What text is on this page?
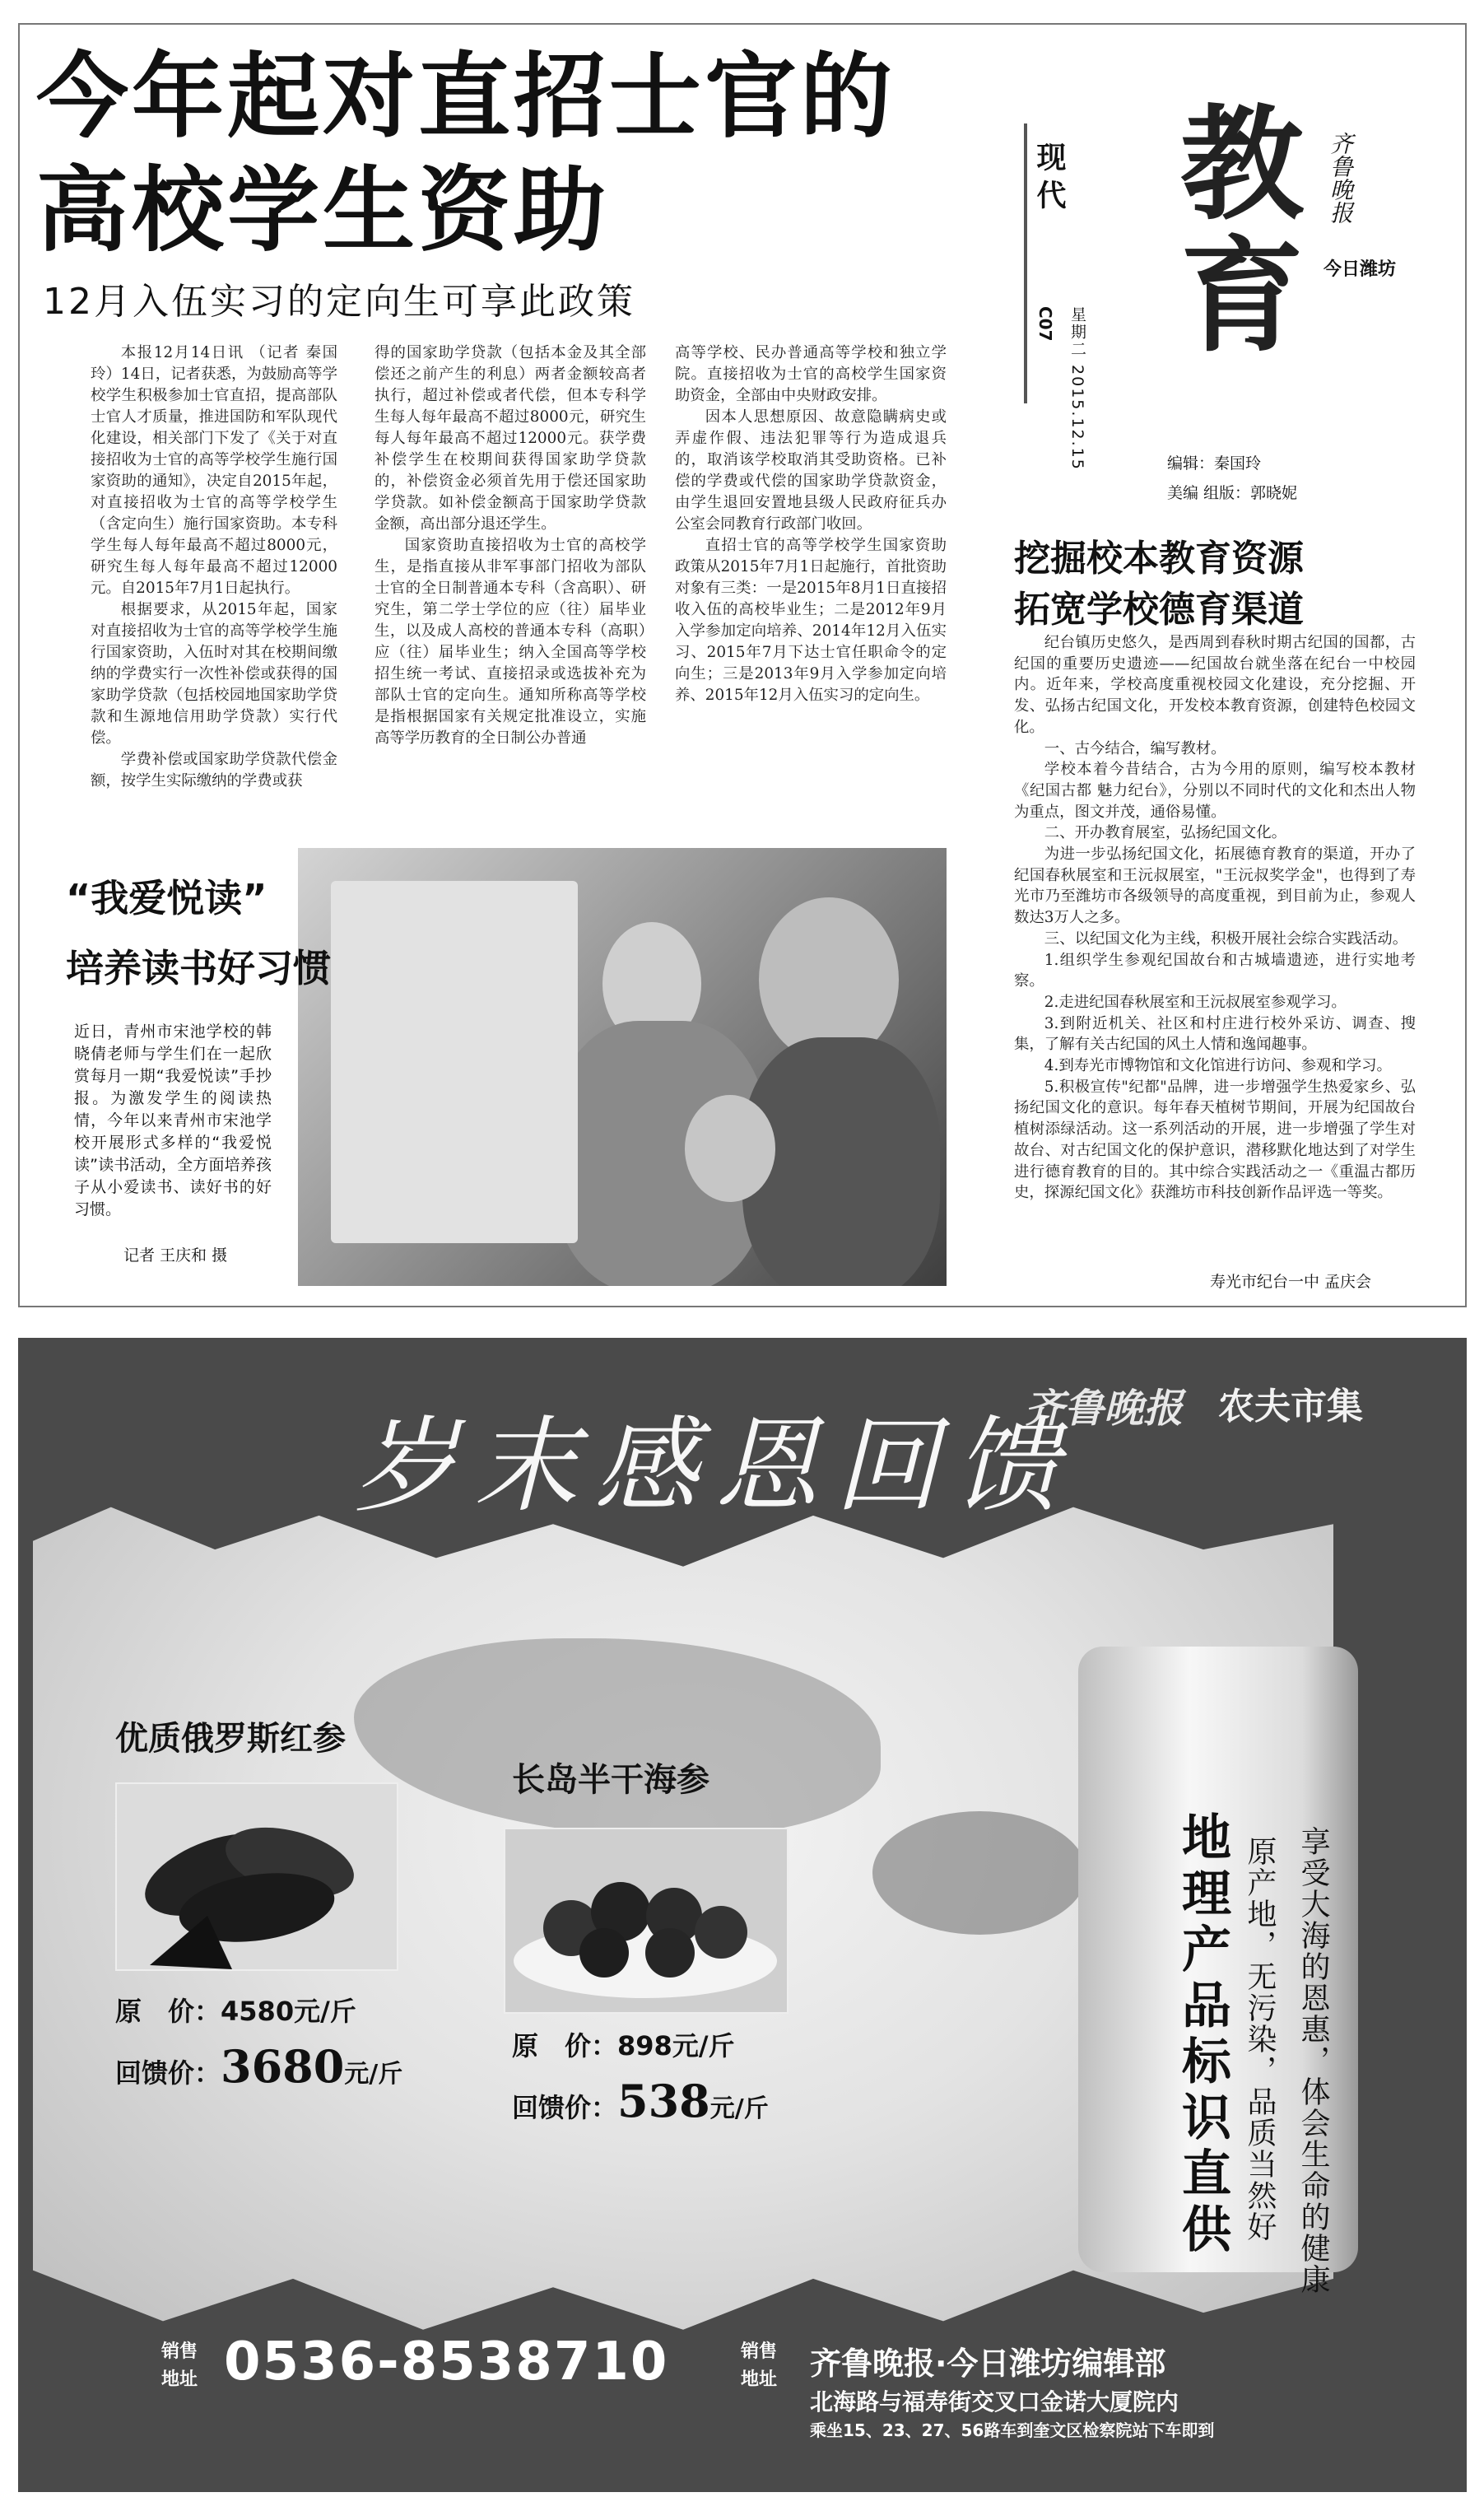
今年起对直招士官的
高校学生资助
12月入伍实习的定向生可享此政策

本报12月14日讯 （记者 秦国玲）14日，记者获悉，为鼓励高等学校学生积极参加士官直招，提高部队士官人才质量，推进国防和军队现代化建设，相关部门下发了《关于对直接招收为士官的高等学校学生施行国家资助的通知》，决定自2015年起，对直接招收为士官的高等学校学生（含定向生）施行国家资助。本专科学生每人每年最高不超过8000元，研究生每人每年最高不超过12000元。自2015年7月1日起执行。

根据要求，从2015年起，国家对直接招收为士官的高等学校学生施行国家资助，入伍时对其在校期间缴纳的学费实行一次性补偿或获得的国家助学贷款（包括校园地国家助学贷款和生源地信用助学贷款）实行代偿。

学费补偿或国家助学贷款代偿金额，按学生实际缴纳的学费或获

得的国家助学贷款（包括本金及其全部偿还之前产生的利息）两者金额较高者执行，超过补偿或者代偿，但本专科学生每人每年最高不超过8000元，研究生每人每年最高不超过12000元。获学费补偿学生在校期间获得国家助学贷款的，补偿资金必须首先用于偿还国家助学贷款。如补偿金额高于国家助学贷款金额，高出部分退还学生。

国家资助直接招收为士官的高校学生，是指直接从非军事部门招收为部队士官的全日制普通本专科（含高职）、研究生，第二学士学位的应（往）届毕业生，以及成人高校的普通本专科（高职）应（往）届毕业生；纳入全国高等学校招生统一考试、直接招录或选拔补充为部队士官的定向生。通知所称高等学校是指根据国家有关规定批准设立，实施高等学历教育的全日制公办普通

高等学校、民办普通高等学校和独立学院。直接招收为士官的高校学生国家资助资金，全部由中央财政安排。

因本人思想原因、故意隐瞒病史或弄虚作假、违法犯罪等行为造成退兵的，取消该学校取消其受助资格。已补偿的学费或代偿的国家助学贷款资金，由学生退回安置地县级人民政府征兵办公室会同教育行政部门收回。

直招士官的高等学校学生国家资助政策从2015年7月1日起施行，首批资助对象有三类：一是2015年8月1日直接招收入伍的高校毕业生；二是2012年9月入学参加定向培养、2014年12月入伍实习、2015年7月下达士官任职命令的定向生；三是2013年9月入学参加定向培养、2015年12月入伍实习的定向生。

现代
C07 星期二 2015.12.15
教育 齐鲁晚报
今日潍坊
编辑：秦国玲
美编 组版：郭晓妮
挖掘校本教育资源
拓宽学校德育渠道

纪台镇历史悠久，是西周到春秋时期古纪国的国都，古纪国的重要历史遗迹——纪国故台就坐落在纪台一中校园内。近年来，学校高度重视校园文化建设，充分挖掘、开发、弘扬古纪国文化，开发校本教育资源，创建特色校园文化。

一、古今结合，编写教材。

学校本着今昔结合，古为今用的原则，编写校本教材《纪国古都 魅力纪台》，分别以不同时代的文化和杰出人物为重点，图文并茂，通俗易懂。

二、开办教育展室，弘扬纪国文化。

为进一步弘扬纪国文化，拓展德育教育的渠道，开办了纪国春秋展室和王沅叔展室，"王沅叔奖学金"，也得到了寿光市乃至潍坊市各级领导的高度重视，到目前为止，参观人数达3万人之多。

三、以纪国文化为主线，积极开展社会综合实践活动。

1.组织学生参观纪国故台和古城墙遗迹，进行实地考察。

2.走进纪国春秋展室和王沅叔展室参观学习。

3.到附近机关、社区和村庄进行校外采访、调查、搜集，了解有关古纪国的风土人情和逸闻趣事。

4.到寿光市博物馆和文化馆进行访问、参观和学习。

5.积极宣传"纪都"品牌，进一步增强学生热爱家乡、弘扬纪国文化的意识。每年春天植树节期间，开展为纪国故台植树添绿活动。这一系列活动的开展，进一步增强了学生对故台、对古纪国文化的保护意识，潜移默化地达到了对学生进行德育教育的目的。其中综合实践活动之一《重温古都历史，探源纪国文化》获潍坊市科技创新作品评选一等奖。

寿光市纪台一中 孟庆会
“我爱悦读”
培养读书好习惯
近日，青州市宋池学校的韩晓倩老师与学生们在一起欣赏每月一期“我爱悦读”手抄报。为激发学生的阅读热情，今年以来青州市宋池学校开展形式多样的“我爱悦读”读书活动，全方面培养孩子从小爱读书、读好书的好习惯。
记者 王庆和 摄
齐鲁晚报 农夫市集
岁末感恩回馈
优质俄罗斯红参
原　价：4580元/斤
回馈价：3680元/斤
长岛半干海参
原　价：898元/斤
回馈价：538元/斤	享受大海的恩惠，体会生命的健康
原产地，无污染，品质当然好
地理产品标识直供
销售
地址 0536-8538710	销售
地址 齐鲁晚报·今日潍坊编辑部
北海路与福寿街交叉口金诺大厦院内
乘坐15、23、27、56路车到奎文区检察院站下车即到
